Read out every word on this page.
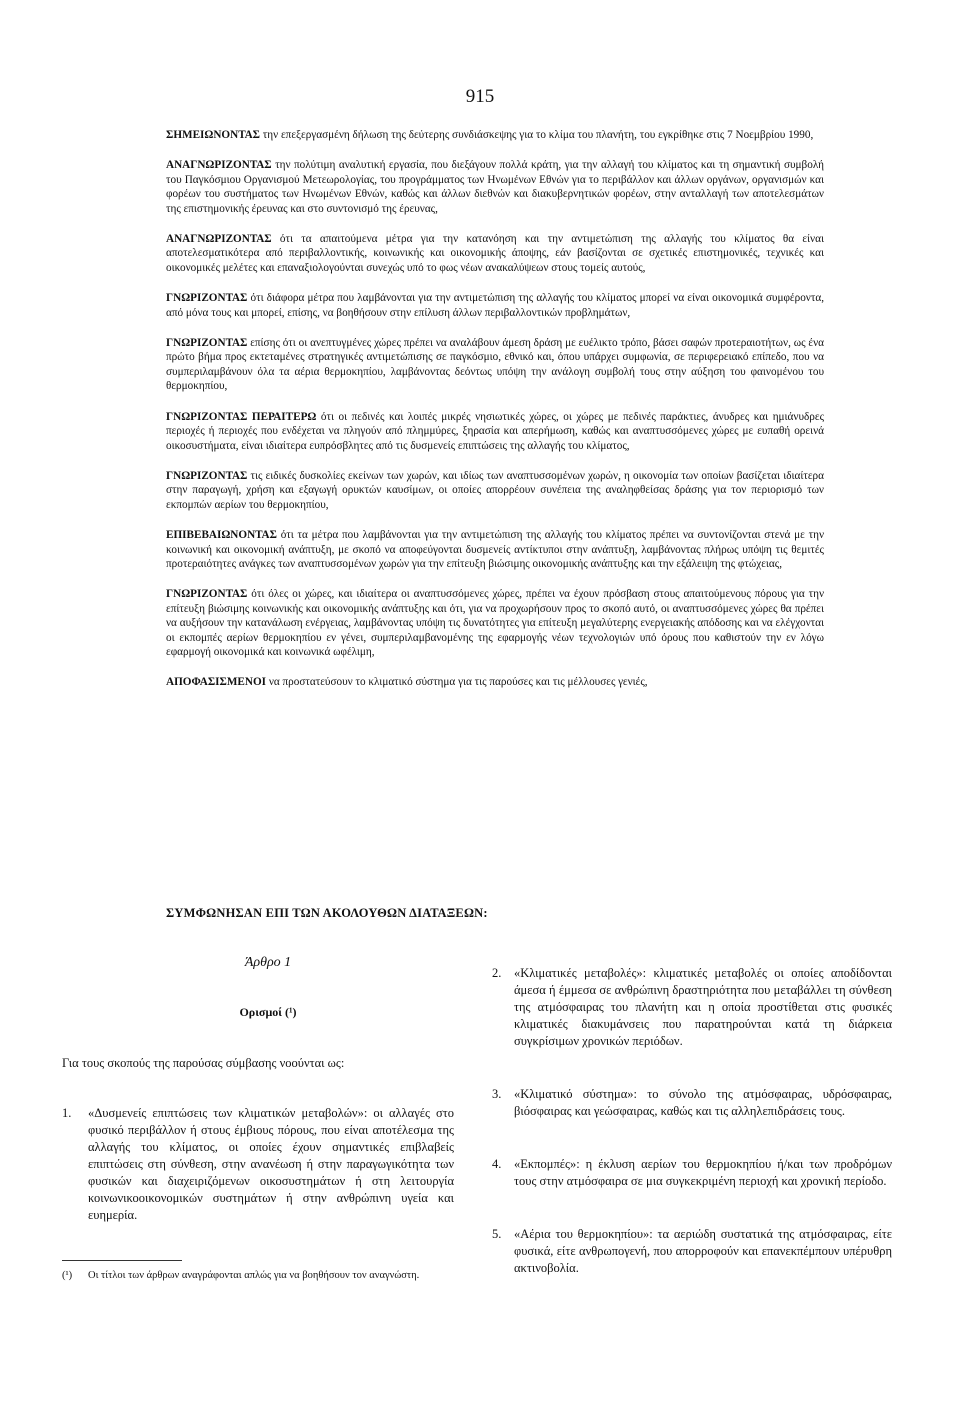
915

ΣΗΜΕΙΩΝΟΝΤΑΣ την επεξεργασμένη δήλωση της δεύτερης συνδιάσκεψης για το κλίμα του πλανήτη, του εγκρίθηκε στις 7 Νοεμβρίου 1990,

ΑΝΑΓΝΩΡΙΖΟΝΤΑΣ την πολύτιμη αναλυτική εργασία, που διεξάγουν πολλά κράτη, για την αλλαγή του κλίματος και τη σημαντική συμβολή του Παγκόσμιου Οργανισμού Μετεωρολογίας, του προγράμματος των Ηνωμένων Εθνών για το περιβάλλον και άλλων οργάνων, οργανισμών και φορέων του συστήματος των Ηνωμένων Εθνών, καθώς και άλλων διεθνών και διακυβερνητικών φορέων, στην ανταλλαγή των αποτελεσμάτων της επιστημονικής έρευνας και στο συντονισμό της έρευνας,

ΑΝΑΓΝΩΡΙΖΟΝΤΑΣ ότι τα απαιτούμενα μέτρα για την κατανόηση και την αντιμετώπιση της αλλαγής του κλίματος θα είναι αποτελεσματικότερα από περιβαλλοντικής, κοινωνικής και οικονομικής άποψης, εάν βασίζονται σε σχετικές επιστημονικές, τεχνικές και οικονομικές μελέτες και επαναξιολογούνται συνεχώς υπό το φως νέων ανακαλύψεων στους τομείς αυτούς,

ΓΝΩΡΙΖΟΝΤΑΣ ότι διάφορα μέτρα που λαμβάνονται για την αντιμετώπιση της αλλαγής του κλίματος μπορεί να είναι οικονομικά συμφέροντα, από μόνα τους και μπορεί, επίσης, να βοηθήσουν στην επίλυση άλλων περιβαλλοντικών προβλημάτων,

ΓΝΩΡΙΖΟΝΤΑΣ επίσης ότι οι ανεπτυγμένες χώρες πρέπει να αναλάβουν άμεση δράση με ευέλικτο τρόπο, βάσει σαφών προτεραιοτήτων, ως ένα πρώτο βήμα προς εκτεταμένες στρατηγικές αντιμετώπισης σε παγκόσμιο, εθνικό και, όπου υπάρχει συμφωνία, σε περιφερειακό επίπεδο, που να συμπεριλαμβάνουν όλα τα αέρια θερμοκηπίου, λαμβάνοντας δεόντως υπόψη την ανάλογη συμβολή τους στην αύξηση του φαινομένου του θερμοκηπίου,

ΓΝΩΡΙΖΟΝΤΑΣ ΠΕΡΑΙΤΕΡΩ ότι οι πεδινές και λοιπές μικρές νησιωτικές χώρες, οι χώρες με πεδινές παράκτιες, άνυδρες και ημιάνυδρες περιοχές ή περιοχές που ενδέχεται να πληγούν από πλημμύρες, ξηρασία και απερήμωση, καθώς και αναπτυσσόμενες χώρες με ευπαθή ορεινά οικοσυστήματα, είναι ιδιαίτερα ευπρόσβλητες από τις δυσμενείς επιπτώσεις της αλλαγής του κλίματος,

ΓΝΩΡΙΖΟΝΤΑΣ τις ειδικές δυσκολίες εκείνων των χωρών, και ιδίως των αναπτυσσομένων χωρών, η οικονομία των οποίων βασίζεται ιδιαίτερα στην παραγωγή, χρήση και εξαγωγή ορυκτών καυσίμων, οι οποίες απορρέουν συνέπεια της αναληφθείσας δράσης για τον περιορισμό των εκπομπών αερίων του θερμοκηπίου,

ΕΠΙΒΕΒΑΙΩΝΟΝΤΑΣ ότι τα μέτρα που λαμβάνονται για την αντιμετώπιση της αλλαγής του κλίματος πρέπει να συντονίζονται στενά με την κοινωνική και οικονομική ανάπτυξη, με σκοπό να αποφεύγονται δυσμενείς αντίκτυποι στην ανάπτυξη, λαμβάνοντας πλήρως υπόψη τις θεμιτές προτεραιότητες ανάγκες των αναπτυσσομένων χωρών για την επίτευξη βιώσιμης οικονομικής ανάπτυξης και την εξάλειψη της φτώχειας,

ΓΝΩΡΙΖΟΝΤΑΣ ότι όλες οι χώρες, και ιδιαίτερα οι αναπτυσσόμενες χώρες, πρέπει να έχουν πρόσβαση στους απαιτούμενους πόρους για την επίτευξη βιώσιμης κοινωνικής και οικονομικής ανάπτυξης και ότι, για να προχωρήσουν προς το σκοπό αυτό, οι αναπτυσσόμενες χώρες θα πρέπει να αυξήσουν την κατανάλωση ενέργειας, λαμβάνοντας υπόψη τις δυνατότητες για επίτευξη μεγαλύτερης ενεργειακής απόδοσης και να ελέγχονται οι εκπομπές αερίων θερμοκηπίου εν γένει, συμπεριλαμβανομένης της εφαρμογής νέων τεχνολογιών υπό όρους που καθιστούν την εν λόγω εφαρμογή οικονομικά και κοινωνικά ωφέλιμη,

ΑΠΟΦΑΣΙΣΜΕΝΟΙ να προστατεύσουν το κλιματικό σύστημα για τις παρούσες και τις μέλλουσες γενιές,

ΣΥΜΦΩΝΗΣΑΝ ΕΠΙ ΤΩΝ ΑΚΟΛΟΥΘΩΝ ΔΙΑΤΑΞΕΩΝ:
Άρθρο 1
Ορισμοί (¹)
Για τους σκοπούς της παρούσας σύμβασης νοούνται ως:
1.	«Δυσμενείς επιπτώσεις των κλιματικών μεταβολών»: οι αλλαγές στο φυσικό περιβάλλον ή στους έμβιους πόρους, που είναι αποτέλεσμα της αλλαγής του κλίματος, οι οποίες έχουν σημαντικές επιβλαβείς επιπτώσεις στη σύνθεση, στην ανανέωση ή στην παραγωγικότητα των φυσικών και διαχειριζόμενων οικοσυστημάτων ή στη λειτουργία κοινωνικοοικονομικών συστημάτων ή στην ανθρώπινη υγεία και ευημερία.
(¹)	Οι τίτλοι των άρθρων αναγράφονται απλώς για να βοηθήσουν τον αναγνώστη.
2.	«Κλιματικές μεταβολές»: κλιματικές μεταβολές οι οποίες αποδίδονται άμεσα ή έμμεσα σε ανθρώπινη δραστηριότητα που μεταβάλλει τη σύνθεση της ατμόσφαιρας του πλανήτη και η οποία προστίθεται στις φυσικές κλιματικές διακυμάνσεις που παρατηρούνται κατά τη διάρκεια συγκρίσιμων χρονικών περιόδων.
3.	«Κλιματικό σύστημα»: το σύνολο της ατμόσφαιρας, υδρόσφαιρας, βιόσφαιρας και γεώσφαιρας, καθώς και τις αλληλεπιδράσεις τους.
4.	«Εκπομπές»: η έκλυση αερίων του θερμοκηπίου ή/και των προδρόμων τους στην ατμόσφαιρα σε μια συγκεκριμένη περιοχή και χρονική περίοδο.
5.	«Αέρια του θερμοκηπίου»: τα αεριώδη συστατικά της ατμόσφαιρας, είτε φυσικά, είτε ανθρωπογενή, που απορροφούν και επανεκπέμπουν υπέρυθρη ακτινοβολία.
